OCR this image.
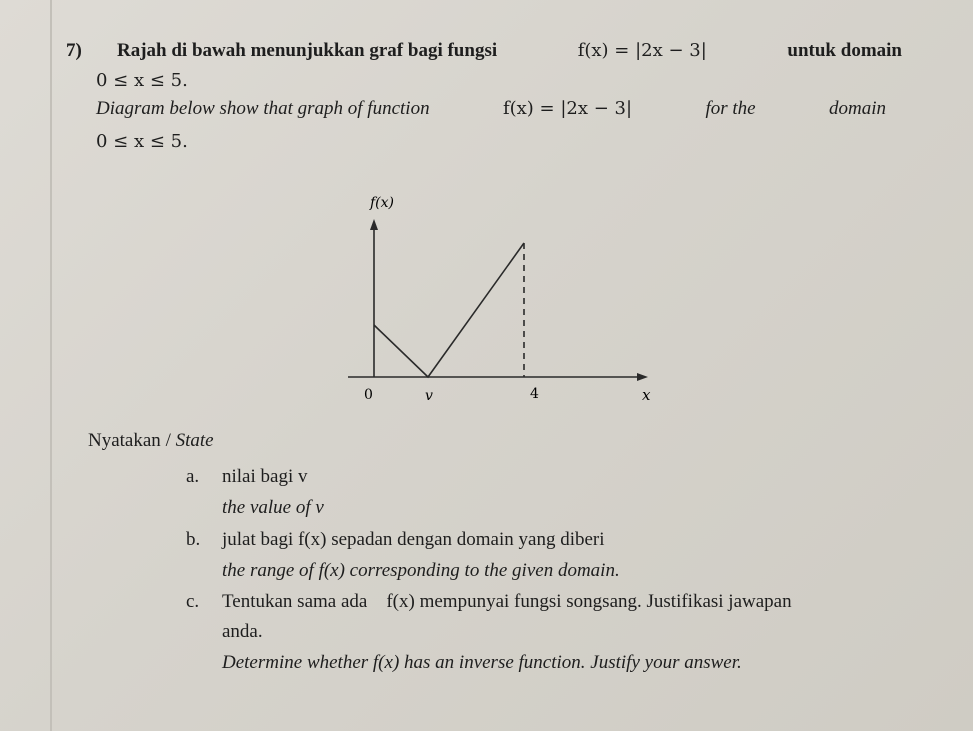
7) Rajah di bawah menunjukkan graf bagi fungsi	f(x) = |2x − 3|	untuk domain
0 ≤ x ≤ 5.
Diagram below show that graph of function	f(x) = |2x − 3|	for the	domain
0 ≤ x ≤ 5.
f(x)
0	v	4	x
Nyatakan / State
a. nilai bagi v
the value of v
b. julat bagi f(x) sepadan dengan domain yang diberi
the range of f(x) corresponding to the given domain.
c. Tentukan sama ada f(x) mempunyai fungsi songsang. Justifikasi jawapan
anda.
Determine whether f(x) has an inverse function. Justify your answer.
